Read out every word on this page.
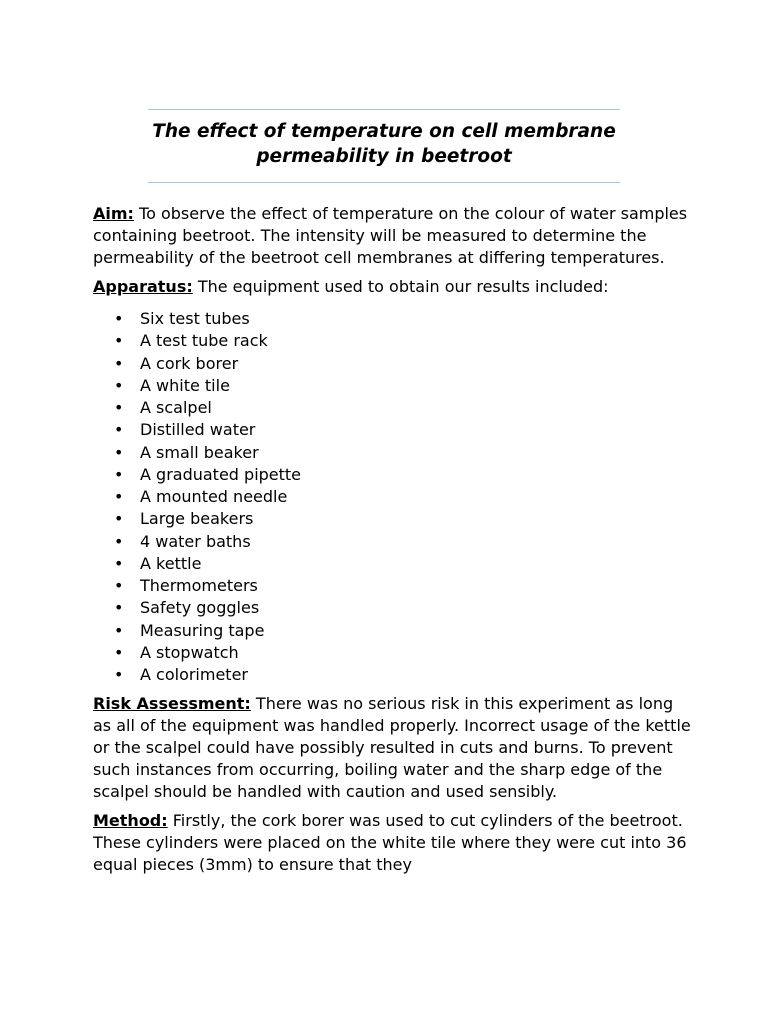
The effect of temperature on cell membrane permeability in beetroot

Aim: To observe the effect of temperature on the colour of water samples containing beetroot. The intensity will be measured to determine the permeability of the beetroot cell membranes at differing temperatures.

Apparatus: The equipment used to obtain our results included:

• Six test tubes
• A test tube rack
• A cork borer
• A white tile
• A scalpel
• Distilled water
• A small beaker
• A graduated pipette
• A mounted needle
• Large beakers
• 4 water baths
• A kettle
• Thermometers
• Safety goggles
• Measuring tape
• A stopwatch
• A colorimeter

Risk Assessment: There was no serious risk in this experiment as long as all of the equipment was handled properly. Incorrect usage of the kettle or the scalpel could have possibly resulted in cuts and burns. To prevent such instances from occurring, boiling water and the sharp edge of the scalpel should be handled with caution and used sensibly.

Method: Firstly, the cork borer was used to cut cylinders of the beetroot. These cylinders were placed on the white tile where they were cut into 36 equal pieces (3mm) to ensure that they
